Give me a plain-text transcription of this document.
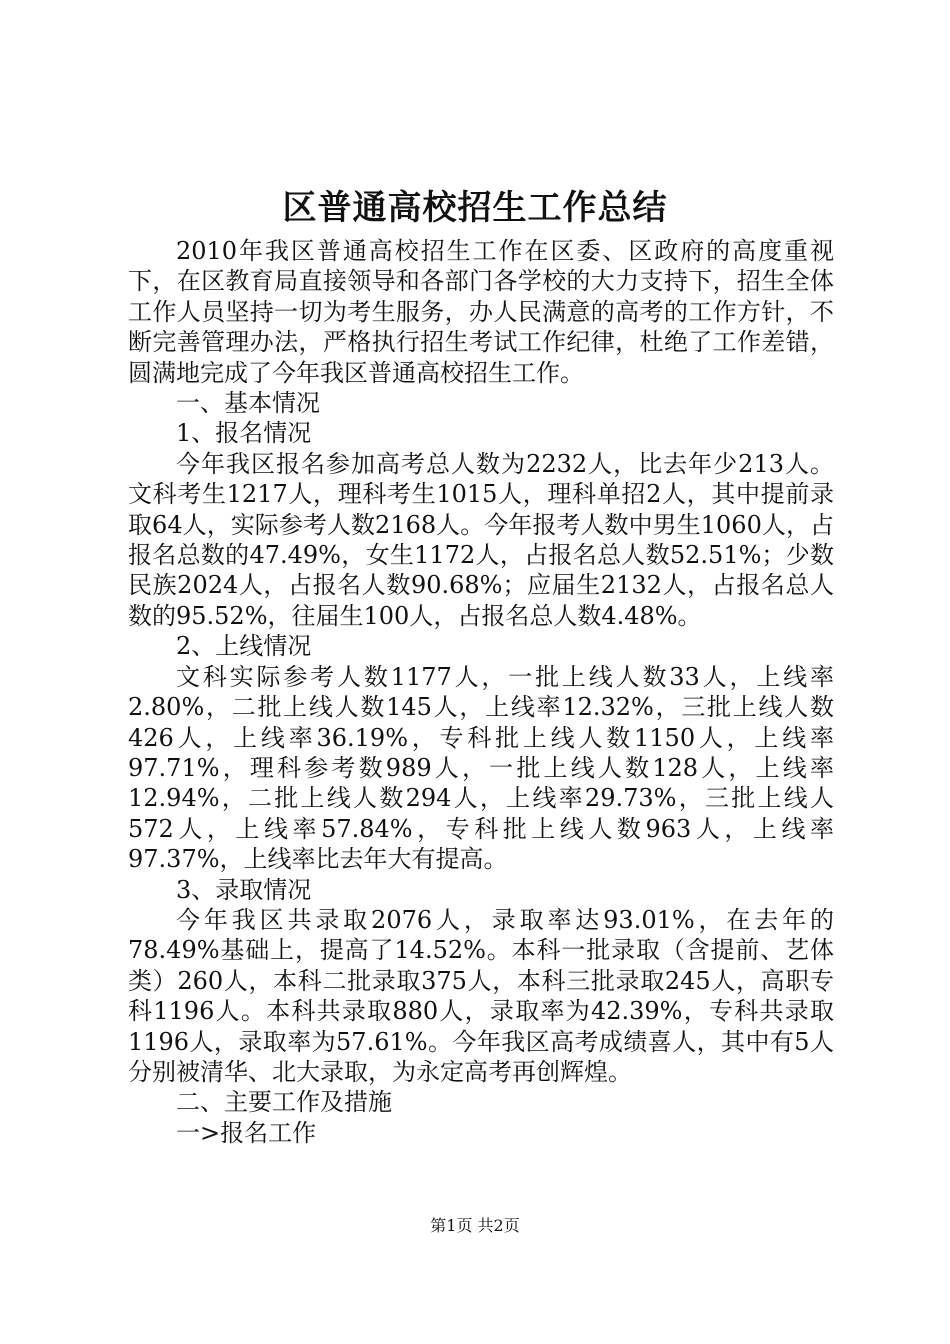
区普通高校招生工作总结

2010年我区普通高校招生工作在区委、区政府的高度重视下，在区教育局直接领导和各部门各学校的大力支持下，招生全体工作人员坚持一切为考生服务，办人民满意的高考的工作方针，不断完善管理办法，严格执行招生考试工作纪律，杜绝了工作差错，圆满地完成了今年我区普通高校招生工作。

一、基本情况

1、报名情况

今年我区报名参加高考总人数为2232人，比去年少213人。文科考生1217人，理科考生1015人，理科单招2人，其中提前录取64人，实际参考人数2168人。今年报考人数中男生1060人，占报名总数的47.49%，女生1172人，占报名总人数52.51%；少数民族2024人，占报名人数90.68%；应届生2132人，占报名总人数的95.52%，往届生100人，占报名总人数4.48%。

2、上线情况

文科实际参考人数1177人，一批上线人数33人，上线率2.80%，二批上线人数145人，上线率12.32%，三批上线人数426人，上线率36.19%，专科批上线人数1150人，上线率97.71%，理科参考数989人，一批上线人数128人，上线率12.94%，二批上线人数294人，上线率29.73%，三批上线人572人，上线率57.84%，专科批上线人数963人，上线率97.37%，上线率比去年大有提高。

3、录取情况

今年我区共录取2076人，录取率达93.01%，在去年的78.49%基础上，提高了14.52%。本科一批录取（含提前、艺体类）260人，本科二批录取375人，本科三批录取245人，高职专科1196人。本科共录取880人，录取率为42.39%，专科共录取1196人，录取率为57.61%。今年我区高考成绩喜人，其中有5人分别被清华、北大录取，为永定高考再创辉煌。

二、主要工作及措施

一>报名工作

第1页 共2页
